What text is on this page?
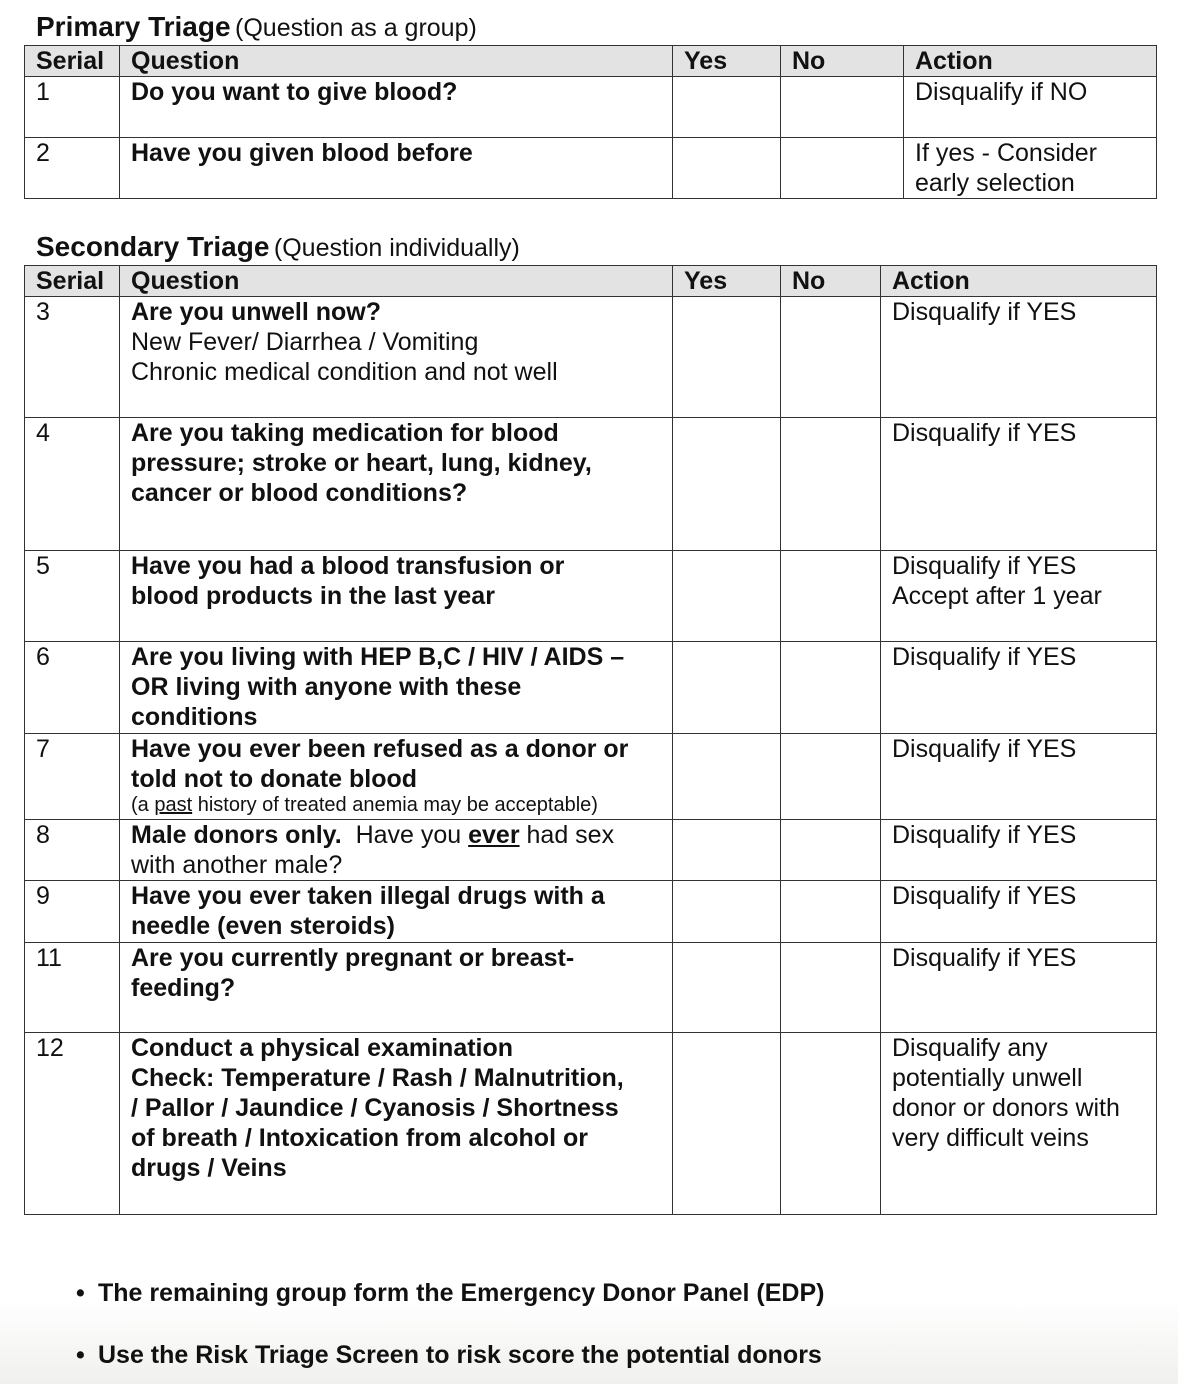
Primary Triage (Question as a group)
Serial	Question	Yes	No	Action
1	Do you want to give blood?			Disqualify if NO
2	Have you given blood before			If yes - Consider
early selection
Secondary Triage (Question individually)
Serial	Question	Yes	No	Action
3	Are you unwell now?
New Fever/ Diarrhea / Vomiting
Chronic medical condition and not well			Disqualify if YES
4	Are you taking medication for blood
pressure; stroke or heart, lung, kidney,
cancer or blood conditions?			Disqualify if YES
5	Have you had a blood transfusion or
blood products in the last year			Disqualify if YES
Accept after 1 year

6	Are you living with HEP B,C / HIV / AIDS –
OR living with anyone with these
conditions			Disqualify if YES
7	Have you ever been refused as a donor or
told not to donate blood
(a past history of treated anemia may be acceptable)			Disqualify if YES
8	Male donors only.  Have you ever had sex
with another male?			Disqualify if YES
9	Have you ever taken illegal drugs with a
needle (even steroids)			Disqualify if YES
11	Are you currently pregnant or breast-
feeding?			Disqualify if YES
12	Conduct a physical examination
Check: Temperature / Rash / Malnutrition,
/ Pallor / Jaundice / Cyanosis / Shortness
of breath / Intoxication from alcohol or
drugs / Veins			Disqualify any
potentially unwell
donor or donors with
very difficult veins
• The remaining group form the Emergency Donor Panel (EDP)
• Use the Risk Triage Screen to risk score the potential donors
